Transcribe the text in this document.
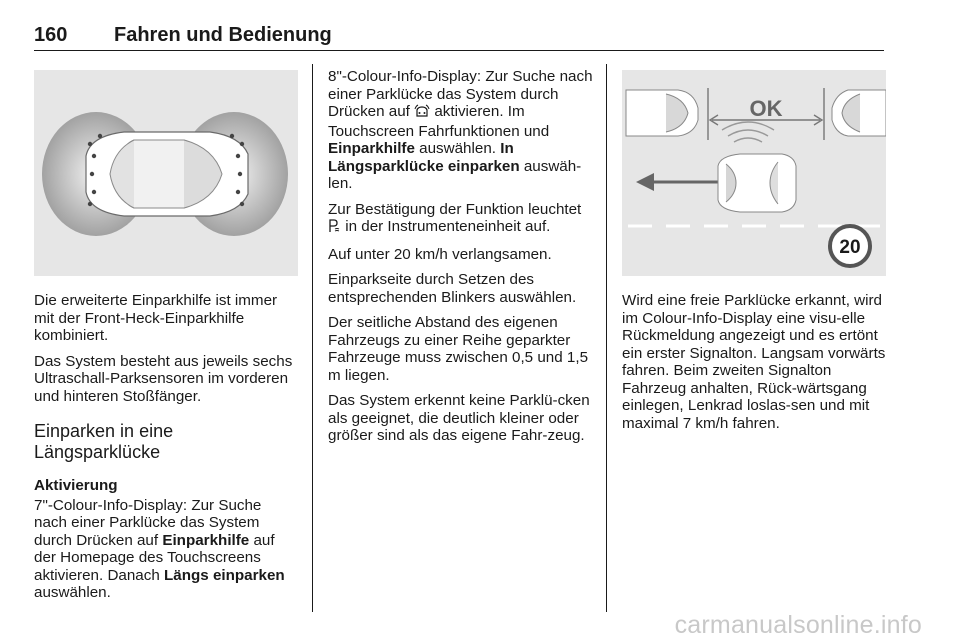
160 Fahren und Bedienung

Die erweiterte Einparkhilfe ist immer mit der Front-Heck-Einparkhilfe kombiniert.

Das System besteht aus jeweils sechs Ultraschall-Parksensoren im vorderen und hinteren Stoßfänger.

Einparken in eine Längsparklücke
Aktivierung

7"-Colour-Info-Display: Zur Suche nach einer Parklücke das System durch Drücken auf Einparkhilfe auf der Homepage des Touchscreens aktivieren. Danach Längs einparken auswählen.

8"-Colour-Info-Display: Zur Suche nach einer Parklücke das System durch Drücken auf  aktivieren. Im Touchscreen Fahrfunktionen und Einparkhilfe auswählen. In Längsparklücke einparken auswäh-len.

Zur Bestätigung der Funktion leuchtet  in der Instrumenteneinheit auf.

Auf unter 20 km/h verlangsamen.

Einparkseite durch Setzen des entsprechenden Blinkers auswählen.

Der seitliche Abstand des eigenen Fahrzeugs zu einer Reihe geparkter Fahrzeuge muss zwischen 0,5 und 1,5 m liegen.

Das System erkennt keine Parklü-cken als geeignet, die deutlich kleiner oder größer sind als das eigene Fahr-zeug.

OK
20

Wird eine freie Parklücke erkannt, wird im Colour-Info-Display eine visu-elle Rückmeldung angezeigt und es ertönt ein erster Signalton. Langsam vorwärts fahren. Beim zweiten Signalton Fahrzeug anhalten, Rück-wärtsgang einlegen, Lenkrad loslas-sen und mit maximal 7 km/h fahren.

carmanualsonline.info
